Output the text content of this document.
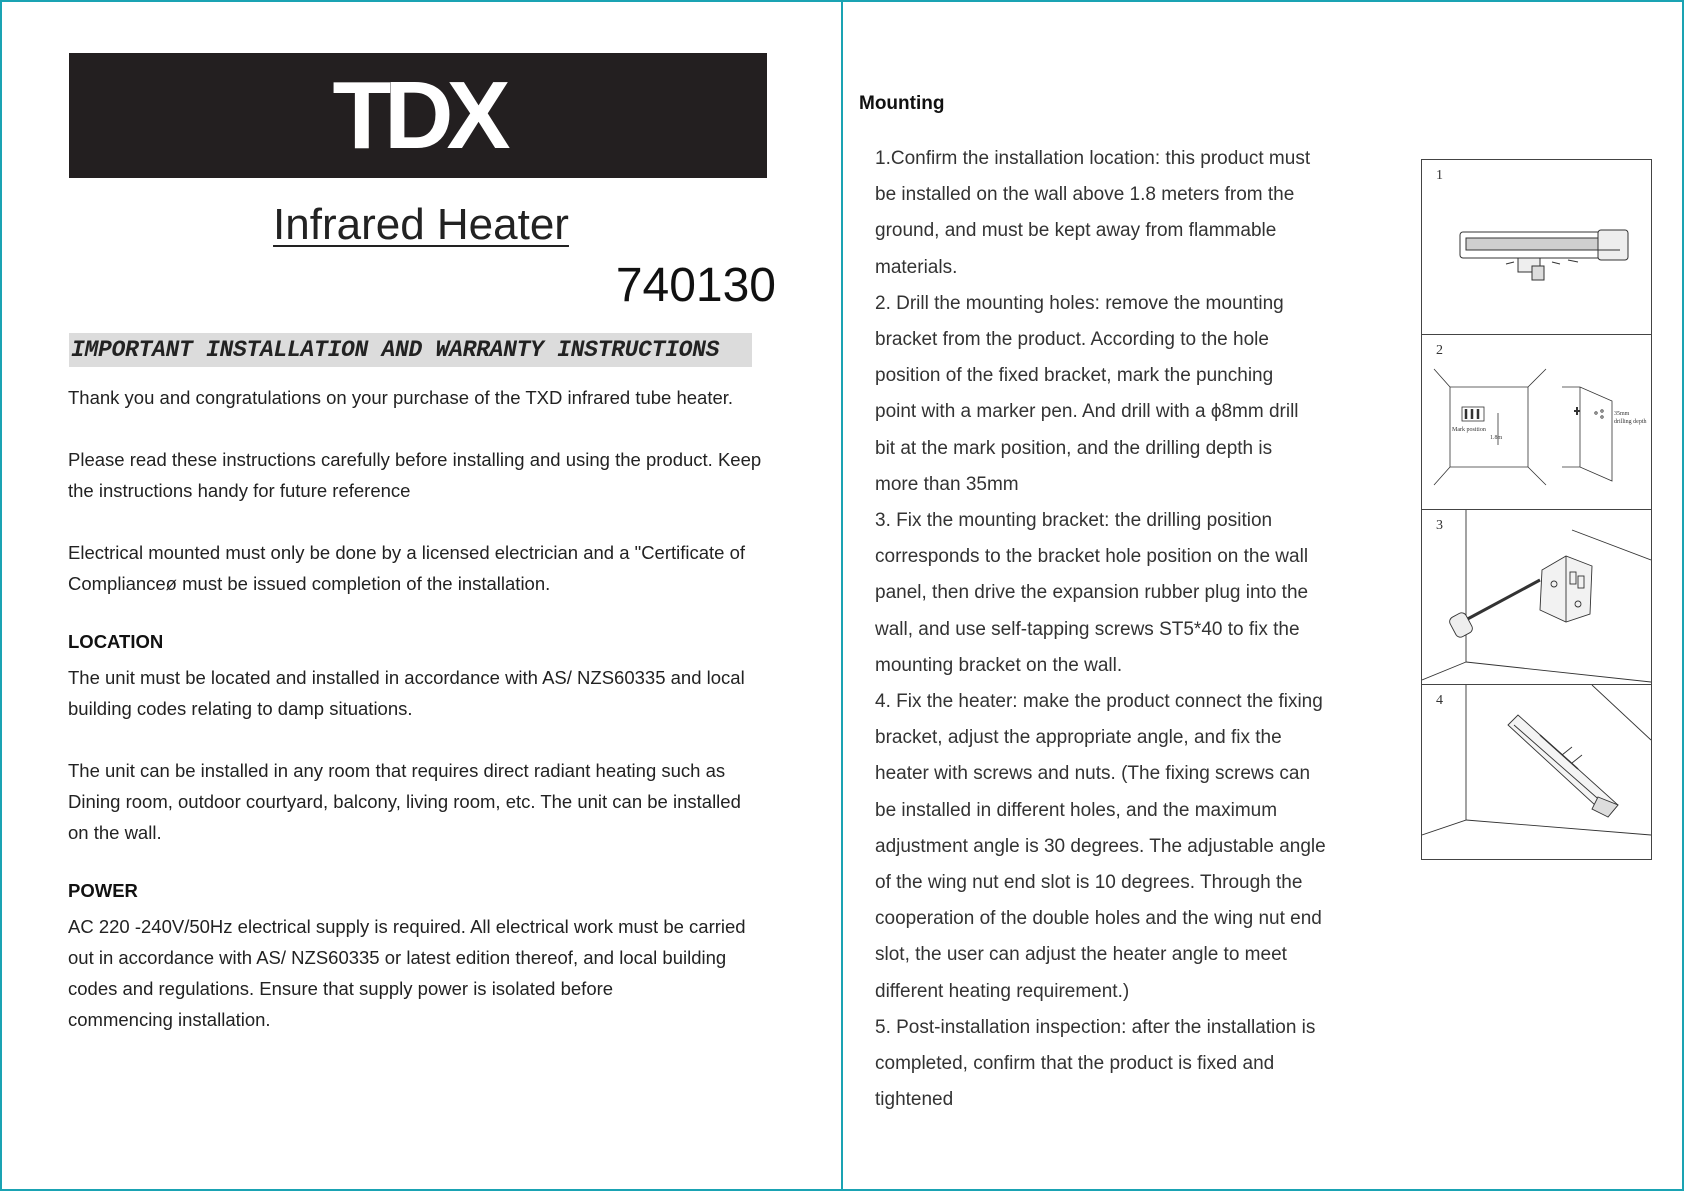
TDX
Infrared Heater
740130
IMPORTANT INSTALLATION AND WARRANTY INSTRUCTIONS
Thank you and congratulations on your purchase of the TXD infrared tube heater.
Please read these instructions carefully before installing and using the product. Keep
the instructions handy for future reference
Electrical mounted must only be done by a licensed electrician and a "Certificate of
Complianceø must be issued completion of the installation.
LOCATION
The unit must be located and installed in accordance with AS/ NZS60335 and local
building codes relating to damp situations.
The unit can be installed in any room that requires direct radiant heating such as
Dining room, outdoor courtyard, balcony, living room, etc. The unit can be installed
on the wall.
POWER
AC 220 -240V/50Hz electrical supply is required. All electrical work must be carried
out in accordance with AS/ NZS60335 or latest edition thereof, and local building
codes and regulations. Ensure that supply power is isolated before
commencing installation.
Mounting

1.Confirm the installation location: this product must

be installed on the wall above 1.8 meters from the

ground, and must be kept away from flammable

materials.

2. Drill the mounting holes: remove the mounting

bracket from the product. According to the hole

position of the fixed bracket, mark the punching

point with a marker pen. And drill with a ϕ8mm drill

bit at the mark position, and the drilling depth is

more than 35mm

3. Fix the mounting bracket: the drilling position

corresponds to the bracket hole position on the wall

panel, then drive the expansion rubber plug into the

wall, and use self-tapping screws ST5*40 to fix the

mounting bracket on the wall.

4. Fix the heater: make the product connect the fixing

bracket, adjust the appropriate angle, and fix the

heater with screws and nuts. (The fixing screws can

be installed in different holes, and the maximum

adjustment angle is 30 degrees. The adjustable angle

of the wing nut end slot is 10 degrees. Through the

cooperation of the double holes and the wing nut end

slot, the user can adjust the heater angle to meet

different heating requirement.)

5. Post-installation inspection: after the installation is

completed, confirm that the product is fixed and

tightened

1
2
Mark position
1.8m
35mm
drilling depth
3
4
